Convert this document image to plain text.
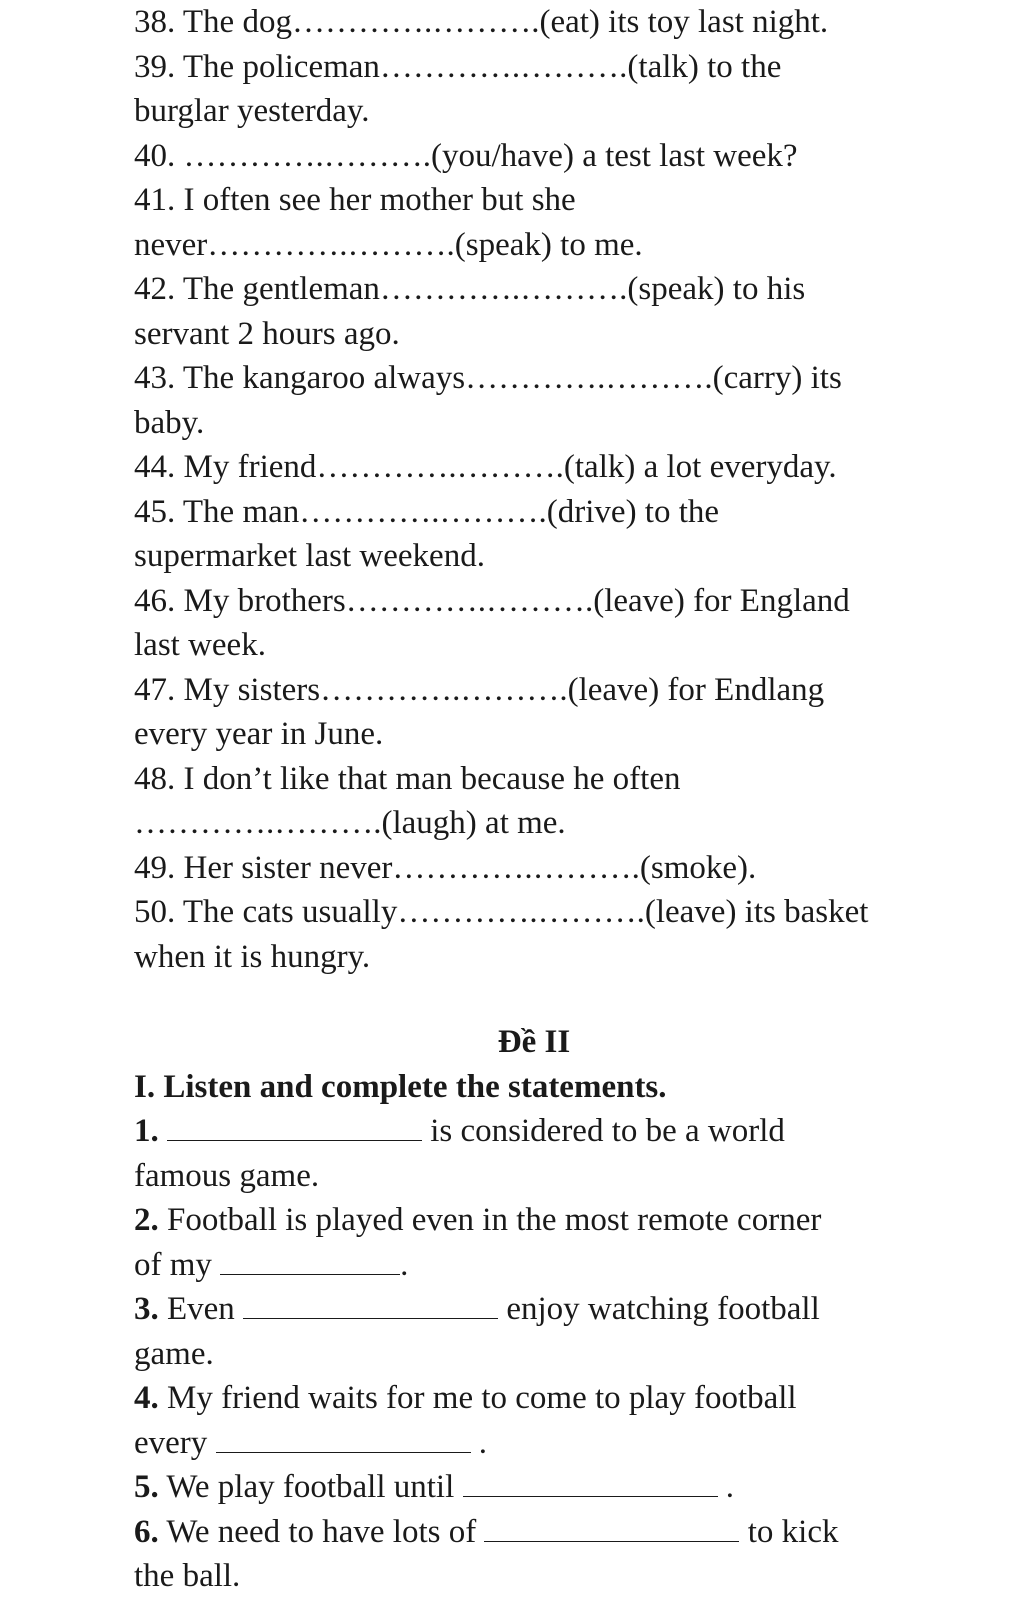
38. The dog………….……….(eat) its toy last night.
39. The policeman………….……….(talk) to the
burglar yesterday.
40. ………….……….(you/have) a test last week?
41. I often see her mother but she
never………….……….(speak) to me.
42. The gentleman………….……….(speak) to his
servant 2 hours ago.
43. The kangaroo always………….……….(carry) its
baby.
44. My friend………….……….(talk) a lot everyday.
45. The man………….……….(drive) to the
supermarket last weekend.
46. My brothers………….……….(leave) for England
last week.
47. My sisters………….……….(leave) for Endlang
every year in June.
48. I don’t like that man because he often
………….……….(laugh) at me.
49. Her sister never………….……….(smoke).
50. The cats usually………….……….(leave) its basket
when it is hungry.
Đề II
I. Listen and complete the statements.
1.	is considered to be a world
famous game.
2. Football is played even in the most remote corner
of my	.
3. Even	enjoy watching football
game.
4. My friend waits for me to come to play football
every	.
5. We play football until	.
6. We need to have lots of	to kick
the ball.
